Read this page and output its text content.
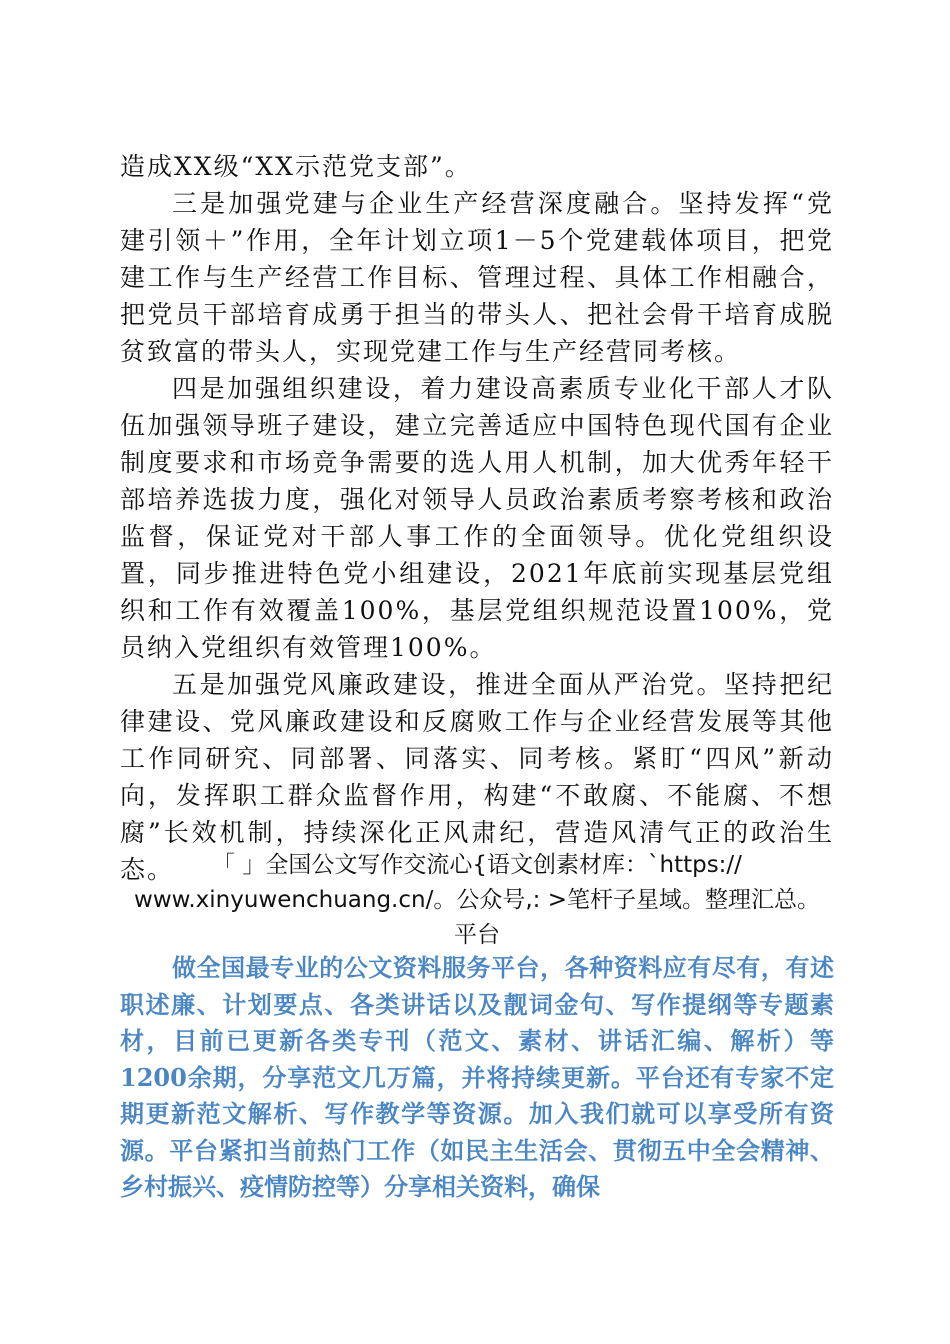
造成XX级“XX示范党支部”。

三是加强党建与企业生产经营深度融合。坚持发挥“党建引领＋”作用，全年计划立项1－5个党建载体项目，把党建工作与生产经营工作目标、管理过程、具体工作相融合，把党员干部培育成勇于担当的带头人、把社会骨干培育成脱贫致富的带头人，实现党建工作与生产经营同考核。

四是加强组织建设，着力建设高素质专业化干部人才队伍加强领导班子建设，建立完善适应中国特色现代国有企业制度要求和市场竞争需要的选人用人机制，加大优秀年轻干部培养选拔力度，强化对领导人员政治素质考察考核和政治监督，保证党对干部人事工作的全面领导。优化党组织设置，同步推进特色党小组建设，2021年底前实现基层党组织和工作有效覆盖100%，基层党组织规范设置100%，党员纳入党组织有效管理100%。

五是加强党风廉政建设，推进全面从严治党。坚持把纪律建设、党风廉政建设和反腐败工作与企业经营发展等其他工作同研究、同部署、同落实、同考核。紧盯“四风”新动向，发挥职工群众监督作用，构建“不敢腐、不能腐、不想腐”长效机制，持续深化正风肃纪，营造风清气正的政治生态。	「 」全国公文写作交流心{语文创素材库：`https://
www.xinyuwenchuang.cn/。公众号,: >笔杆子星域。整理汇总。
平台

做全国最专业的公文资料服务平台，各种资料应有尽有，有述职述廉、计划要点、各类讲话以及靓词金句、写作提纲等专题素材，目前已更新各类专刊（范文、素材、讲话汇编、解析）等1200余期，分享范文几万篇，并将持续更新。平台还有专家不定期更新范文解析、写作教学等资源。加入我们就可以享受所有资源。平台紧扣当前热门工作（如民主生活会、贯彻五中全会精神、乡村振兴、疫情防控等）分享相关资料，确保
